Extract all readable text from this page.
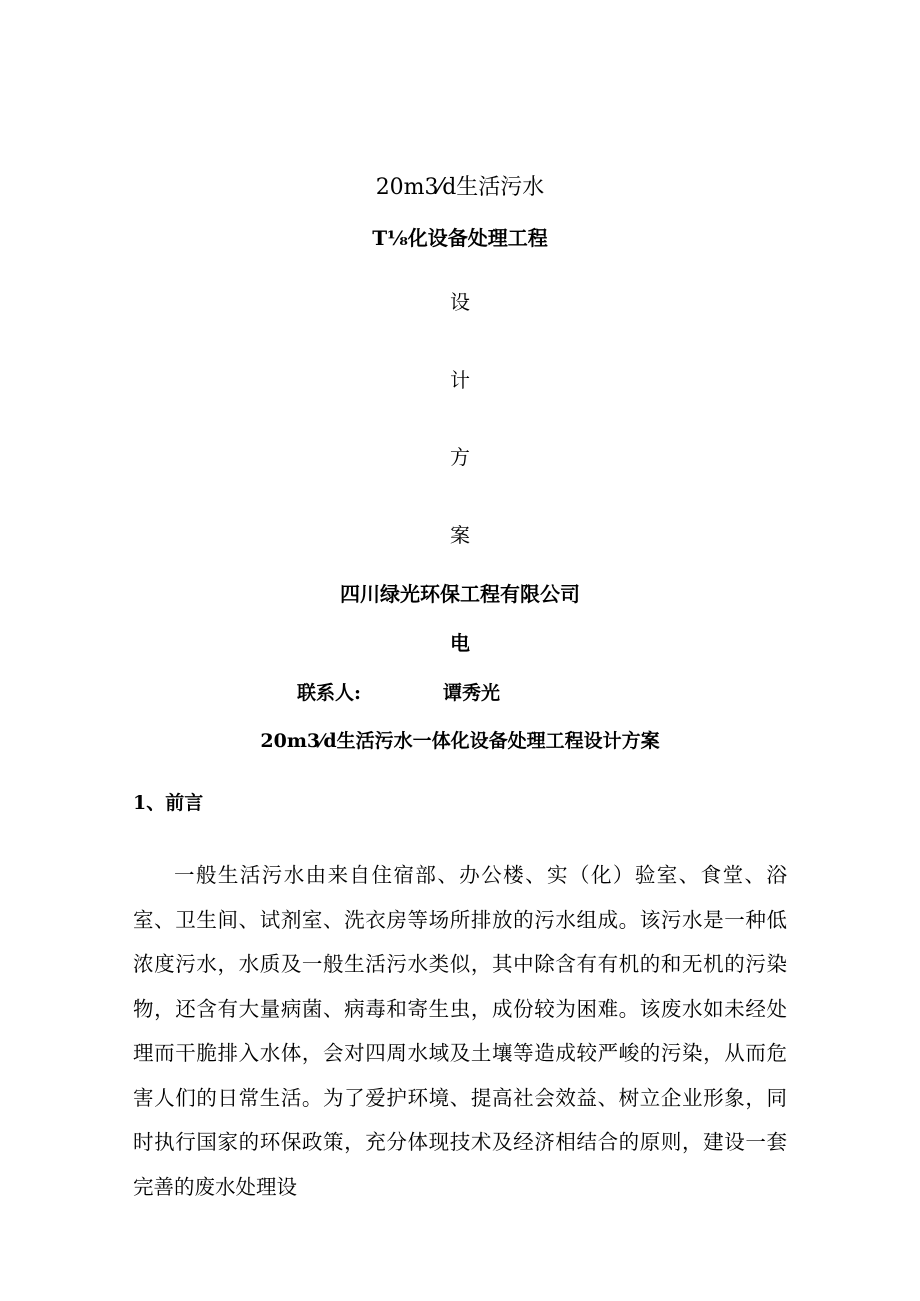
20m3⁄d生活污水
T⅛化设备处理工程
设
计
方
案
四川绿光环保工程有限公司
电
联系人:	谭秀光
20m3⁄d生活污水一体化设备处理工程设计方案
1、前言

一般生活污水由来自住宿部、办公楼、实（化）验室、食堂、浴室、卫生间、试剂室、洗衣房等场所排放的污水组成。该污水是一种低浓度污水，水质及一般生活污水类似，其中除含有有机的和无机的污染物，还含有大量病菌、病毒和寄生虫，成份较为困难。该废水如未经处理而干脆排入水体，会对四周水域及土壤等造成较严峻的污染，从而危害人们的日常生活。为了爱护环境、提高社会效益、树立企业形象，同时执行国家的环保政策，充分体现技术及经济相结合的原则，建设一套完善的废水处理设
